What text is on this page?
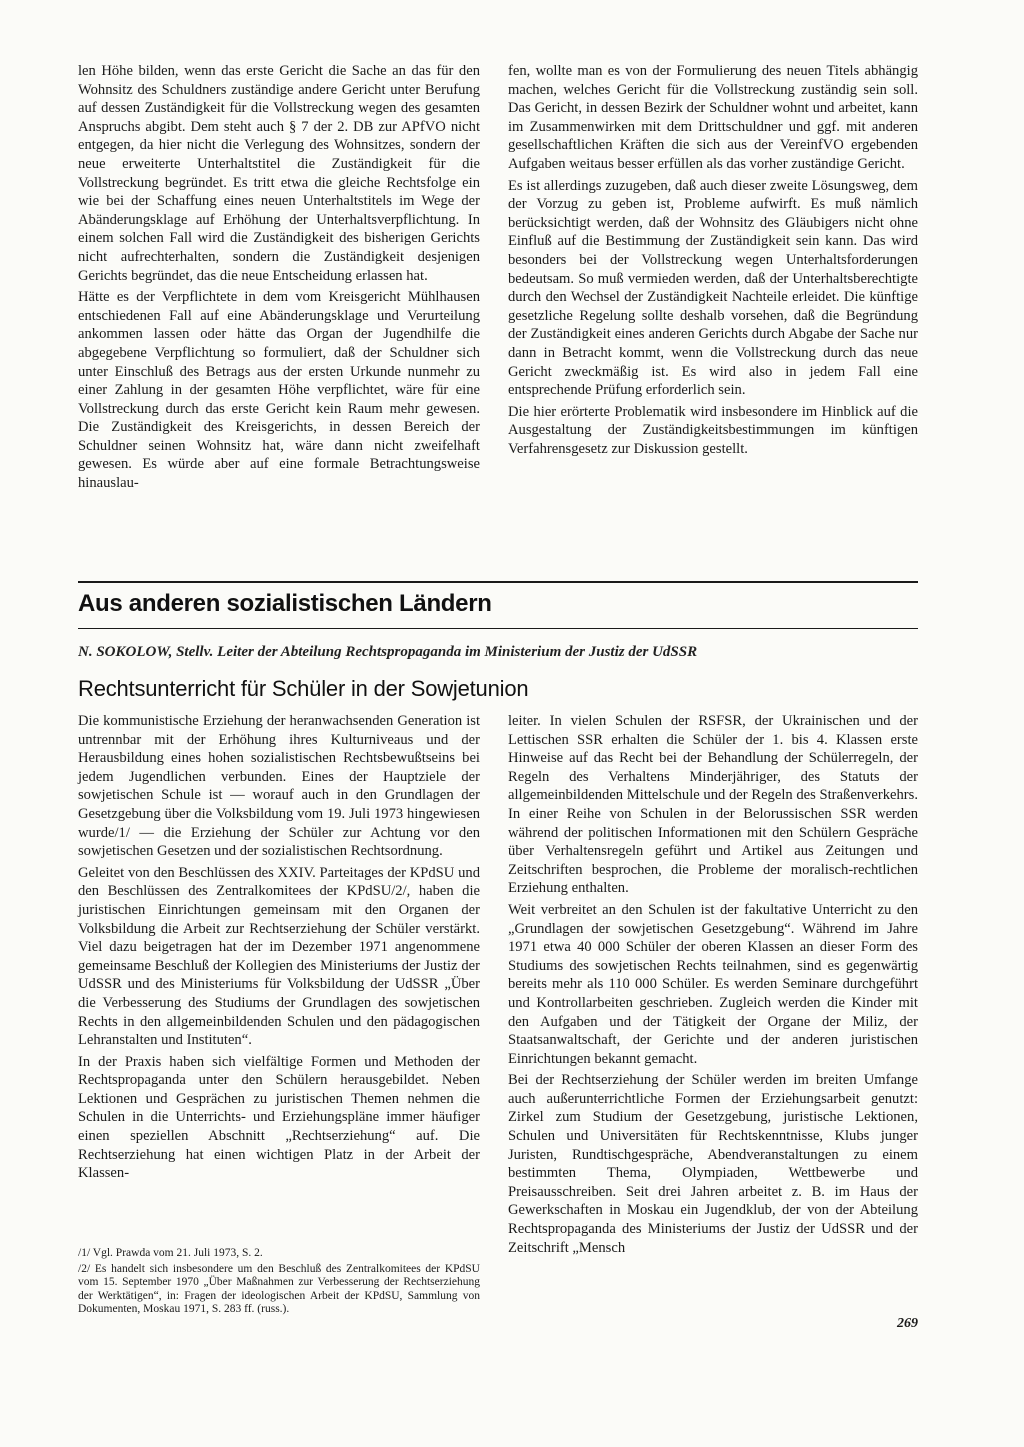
len Höhe bilden, wenn das erste Gericht die Sache an das für den Wohnsitz des Schuldners zuständige andere Gericht unter Berufung auf dessen Zuständigkeit für die Vollstreckung wegen des gesamten Anspruchs abgibt. Dem steht auch § 7 der 2. DB zur APfVO nicht entgegen, da hier nicht die Verlegung des Wohnsitzes, sondern der neue erweiterte Unterhaltstitel die Zuständigkeit für die Vollstreckung begründet. Es tritt etwa die gleiche Rechtsfolge ein wie bei der Schaffung eines neuen Unterhaltstitels im Wege der Abänderungsklage auf Erhöhung der Unterhaltsverpflichtung. In einem solchen Fall wird die Zuständigkeit des bisherigen Gerichts nicht aufrechterhalten, sondern die Zuständigkeit desjenigen Gerichts begründet, das die neue Entscheidung erlassen hat.

Hätte es der Verpflichtete in dem vom Kreisgericht Mühlhausen entschiedenen Fall auf eine Abänderungsklage und Verurteilung ankommen lassen oder hätte das Organ der Jugendhilfe die abgegebene Verpflichtung so formuliert, daß der Schuldner sich unter Einschluß des Betrags aus der ersten Urkunde nunmehr zu einer Zahlung in der gesamten Höhe verpflichtet, wäre für eine Vollstreckung durch das erste Gericht kein Raum mehr gewesen. Die Zuständigkeit des Kreisgerichts, in dessen Bereich der Schuldner seinen Wohnsitz hat, wäre dann nicht zweifelhaft gewesen. Es würde aber auf eine formale Betrachtungsweise hinauslau-

fen, wollte man es von der Formulierung des neuen Titels abhängig machen, welches Gericht für die Vollstreckung zuständig sein soll. Das Gericht, in dessen Bezirk der Schuldner wohnt und arbeitet, kann im Zusammenwirken mit dem Drittschuldner und ggf. mit anderen gesellschaftlichen Kräften die sich aus der VereinfVO ergebenden Aufgaben weitaus besser erfüllen als das vorher zuständige Gericht.

Es ist allerdings zuzugeben, daß auch dieser zweite Lösungsweg, dem der Vorzug zu geben ist, Probleme aufwirft. Es muß nämlich berücksichtigt werden, daß der Wohnsitz des Gläubigers nicht ohne Einfluß auf die Bestimmung der Zuständigkeit sein kann. Das wird besonders bei der Vollstreckung wegen Unterhaltsforderungen bedeutsam. So muß vermieden werden, daß der Unterhaltsberechtigte durch den Wechsel der Zuständigkeit Nachteile erleidet. Die künftige gesetzliche Regelung sollte deshalb vorsehen, daß die Begründung der Zuständigkeit eines anderen Gerichts durch Abgabe der Sache nur dann in Betracht kommt, wenn die Vollstreckung durch das neue Gericht zweckmäßig ist. Es wird also in jedem Fall eine entsprechende Prüfung erforderlich sein.

Die hier erörterte Problematik wird insbesondere im Hinblick auf die Ausgestaltung der Zuständigkeitsbestimmungen im künftigen Verfahrensgesetz zur Diskussion gestellt.

Aus anderen sozialistischen Ländern
N. SOKOLOW, Stellv. Leiter der Abteilung Rechtspropaganda im Ministerium der Justiz der UdSSR
Rechtsunterricht für Schüler in der Sowjetunion

Die kommunistische Erziehung der heranwachsenden Generation ist untrennbar mit der Erhöhung ihres Kulturniveaus und der Herausbildung eines hohen sozialistischen Rechtsbewußtseins bei jedem Jugendlichen verbunden. Eines der Hauptziele der sowjetischen Schule ist — worauf auch in den Grundlagen der Gesetzgebung über die Volksbildung vom 19. Juli 1973 hingewiesen wurde/1/ — die Erziehung der Schüler zur Achtung vor den sowjetischen Gesetzen und der sozialistischen Rechtsordnung.

Geleitet von den Beschlüssen des XXIV. Parteitages der KPdSU und den Beschlüssen des Zentralkomitees der KPdSU/2/, haben die juristischen Einrichtungen gemeinsam mit den Organen der Volksbildung die Arbeit zur Rechtserziehung der Schüler verstärkt. Viel dazu beigetragen hat der im Dezember 1971 angenommene gemeinsame Beschluß der Kollegien des Ministeriums der Justiz der UdSSR und des Ministeriums für Volksbildung der UdSSR „Über die Verbesserung des Studiums der Grundlagen des sowjetischen Rechts in den allgemeinbildenden Schulen und den pädagogischen Lehranstalten und Instituten“.

In der Praxis haben sich vielfältige Formen und Methoden der Rechtspropaganda unter den Schülern herausgebildet. Neben Lektionen und Gesprächen zu juristischen Themen nehmen die Schulen in die Unterrichts- und Erziehungspläne immer häufiger einen speziellen Abschnitt „Rechtserziehung“ auf. Die Rechtserziehung hat einen wichtigen Platz in der Arbeit der Klassen-

leiter. In vielen Schulen der RSFSR, der Ukrainischen und der Lettischen SSR erhalten die Schüler der 1. bis 4. Klassen erste Hinweise auf das Recht bei der Behandlung der Schülerregeln, der Regeln des Verhaltens Minderjähriger, des Statuts der allgemeinbildenden Mittelschule und der Regeln des Straßenverkehrs. In einer Reihe von Schulen in der Belorussischen SSR werden während der politischen Informationen mit den Schülern Gespräche über Verhaltensregeln geführt und Artikel aus Zeitungen und Zeitschriften besprochen, die Probleme der moralisch-rechtlichen Erziehung enthalten.

Weit verbreitet an den Schulen ist der fakultative Unterricht zu den „Grundlagen der sowjetischen Gesetzgebung“. Während im Jahre 1971 etwa 40 000 Schüler der oberen Klassen an dieser Form des Studiums des sowjetischen Rechts teilnahmen, sind es gegenwärtig bereits mehr als 110 000 Schüler. Es werden Seminare durchgeführt und Kontrollarbeiten geschrieben. Zugleich werden die Kinder mit den Aufgaben und der Tätigkeit der Organe der Miliz, der Staatsanwaltschaft, der Gerichte und der anderen juristischen Einrichtungen bekannt gemacht.

Bei der Rechtserziehung der Schüler werden im breiten Umfange auch außerunterrichtliche Formen der Erziehungsarbeit genutzt: Zirkel zum Studium der Gesetzgebung, juristische Lektionen, Schulen und Universitäten für Rechtskenntnisse, Klubs junger Juristen, Rundtischgespräche, Abendveranstaltungen zu einem bestimmten Thema, Olympiaden, Wettbewerbe und Preisausschreiben. Seit drei Jahren arbeitet z. B. im Haus der Gewerkschaften in Moskau ein Jugendklub, der von der Abteilung Rechtspropaganda des Ministeriums der Justiz der UdSSR und der Zeitschrift „Mensch

/1/ Vgl. Prawda vom 21. Juli 1973, S. 2.

/2/ Es handelt sich insbesondere um den Beschluß des Zentralkomitees der KPdSU vom 15. September 1970 „Über Maßnahmen zur Verbesserung der Rechtserziehung der Werktätigen“, in: Fragen der ideologischen Arbeit der KPdSU, Sammlung von Dokumenten, Moskau 1971, S. 283 ff. (russ.).

269
